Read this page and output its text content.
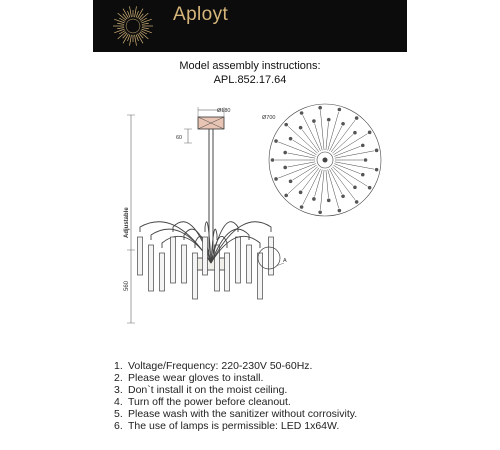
Aployt
Model assembly instructions:
APL.852.17.64
Ø180
60
Adjustable
560
A
Ø700
1. Voltage/Frequency: 220-230V 50-60Hz.
2. Please wear gloves to install.
3. Don`t install it on the moist ceiling.
4. Turn off the power before cleanout.
5. Please wash with the sanitizer without corrosivity.
6. The use of lamps is permissible: LED 1x64W.
